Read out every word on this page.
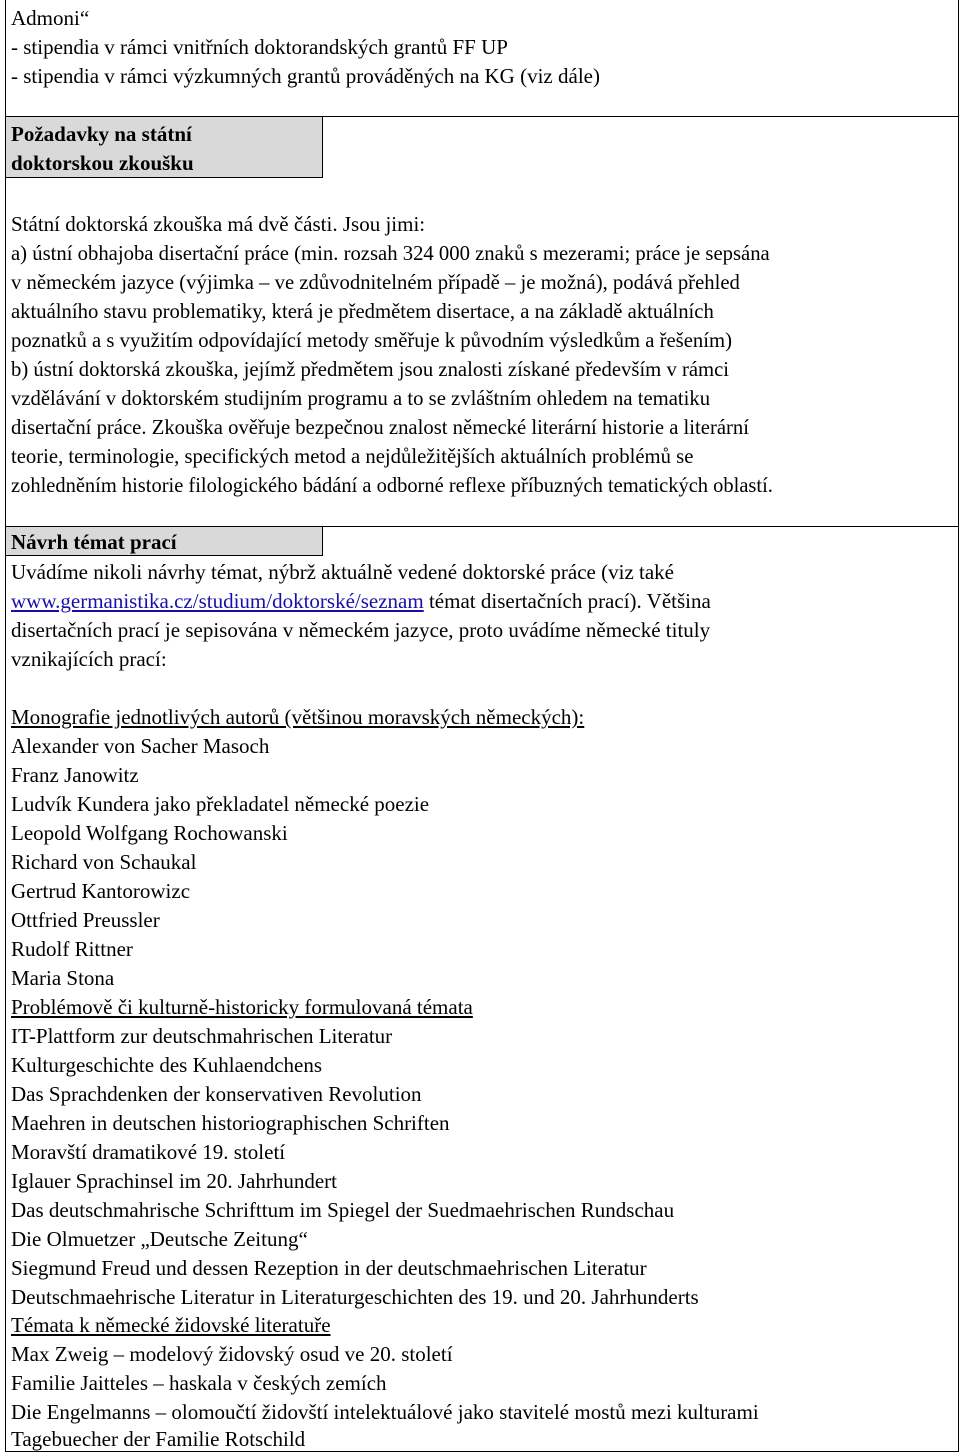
Admoni“
- stipendia v rámci vnitřních doktorandských grantů FF UP
- stipendia v rámci výzkumných grantů prováděných na KG (viz dále)
Požadavky na státní
doktorskou zkoušku
Státní doktorská zkouška má dvě části. Jsou jimi:
a) ústní obhajoba disertační práce (min. rozsah 324 000 znaků s mezerami; práce je sepsána
v německém jazyce (výjimka – ve zdůvodnitelném případě – je možná), podává přehled
aktuálního stavu problematiky, která je předmětem disertace, a na základě aktuálních
poznatků a s využitím odpovídající metody směřuje k původním výsledkům a řešením)
b) ústní doktorská zkouška, jejímž předmětem jsou znalosti získané především v rámci
vzdělávání v doktorském studijním programu a to se zvláštním ohledem na tematiku
disertační práce. Zkouška ověřuje bezpečnou znalost německé literární historie a literární
teorie, terminologie, specifických metod a nejdůležitějších aktuálních problémů se
zohledněním historie filologického bádání a odborné reflexe příbuzných tematických oblastí.
Návrh témat prací
Uvádíme nikoli návrhy témat, nýbrž aktuálně vedené doktorské práce (viz také
www.germanistika.cz/studium/doktorské/seznam témat disertačních prací). Většina
disertačních prací je sepisována v německém jazyce, proto uvádíme německé tituly
vznikajících prací:
Monografie jednotlivých autorů (většinou moravských německých):
Alexander von Sacher Masoch
Franz Janowitz
Ludvík Kundera jako překladatel německé poezie
Leopold Wolfgang Rochowanski
Richard von Schaukal
Gertrud Kantorowizc
Ottfried Preussler
Rudolf Rittner
Maria Stona
Problémově či kulturně-historicky formulovaná témata
IT-Plattform zur deutschmahrischen Literatur
Kulturgeschichte des Kuhlaendchens
Das Sprachdenken der konservativen Revolution
Maehren in deutschen historiographischen Schriften
Moravští dramatikové 19. století
Iglauer Sprachinsel im 20. Jahrhundert
Das deutschmahrische Schrifttum im Spiegel der Suedmaehrischen Rundschau
Die Olmuetzer „Deutsche Zeitung“
Siegmund Freud und dessen Rezeption in der deutschmaehrischen Literatur
Deutschmaehrische Literatur in Literaturgeschichten des 19. und 20. Jahrhunderts
Témata k německé židovské literatuře
Max Zweig – modelový židovský osud ve 20. století
Familie Jaitteles – haskala v českých zemích
Die Engelmanns – olomoučtí židovští intelektuálové jako stavitelé mostů mezi kulturami
Tagebuecher der Familie Rotschild
